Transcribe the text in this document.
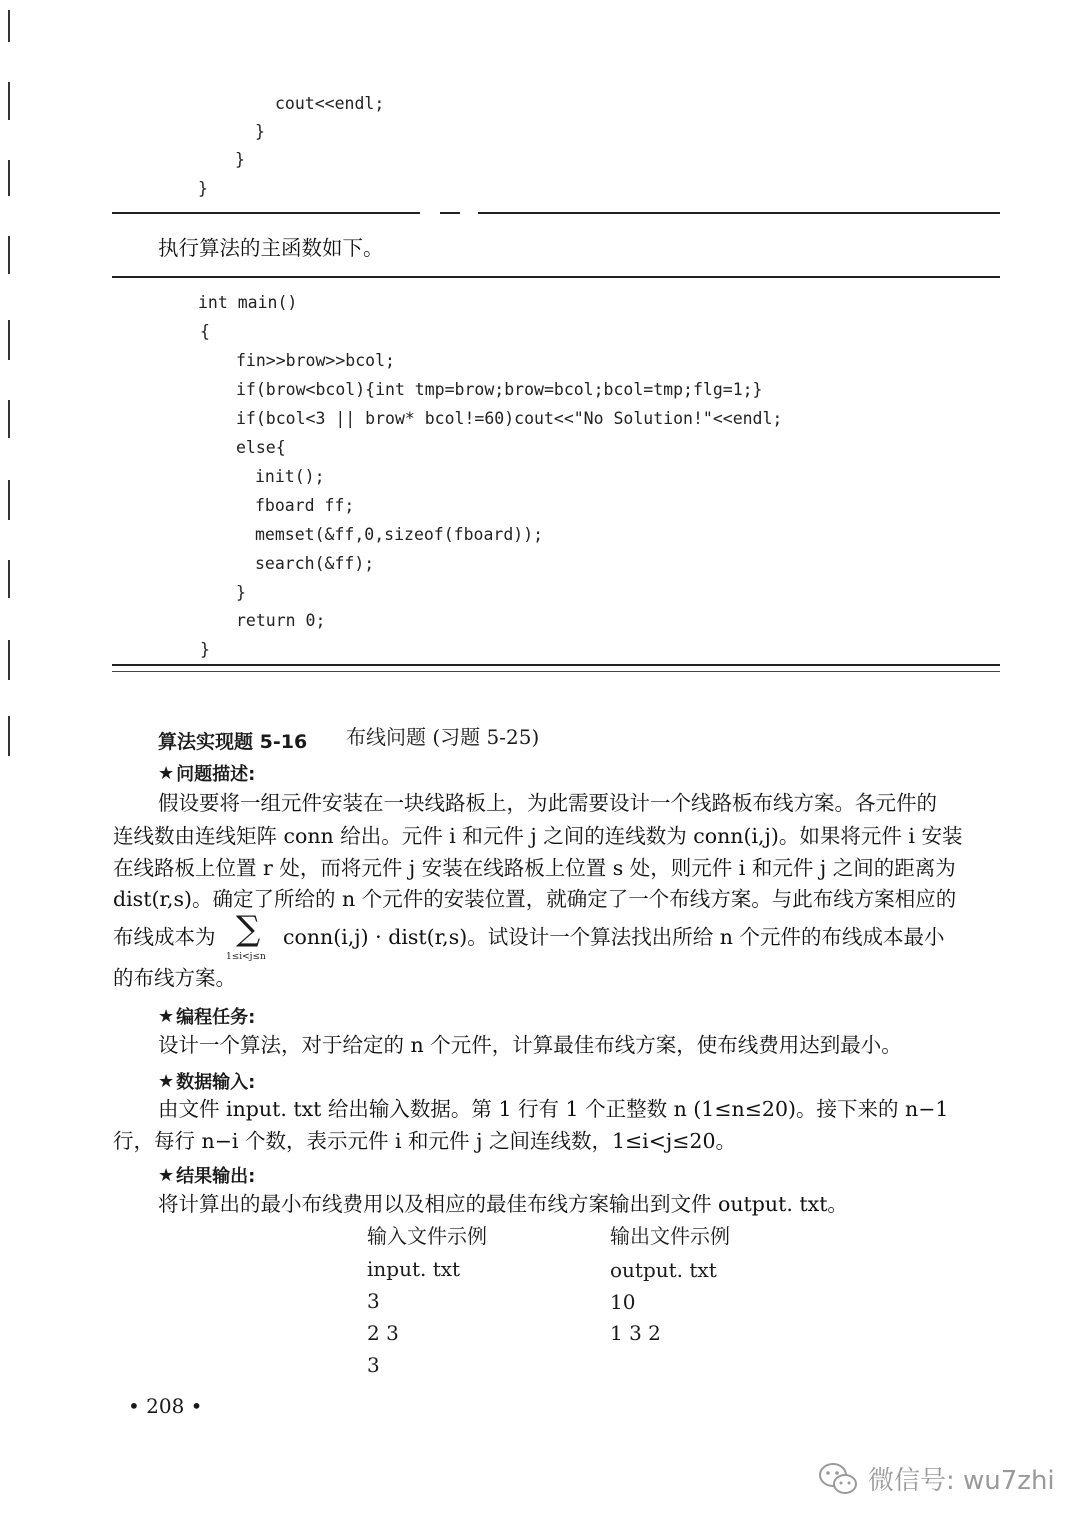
cout<<endl;
}
}
}
执行算法的主函数如下。
int main()
{
fin>>brow>>bcol;
if(brow<bcol){int tmp=brow;brow=bcol;bcol=tmp;flg=1;}
if(bcol<3 || brow* bcol!=60)cout<<"No Solution!"<<endl;
else{
init();
fboard ff;
memset(&ff,0,sizeof(fboard));
search(&ff);
}
return 0;
}
算法实现题 5-16 布线问题 (习题 5-25)
★ 问题描述:
假设要将一组元件安装在一块线路板上，为此需要设计一个线路板布线方案。各元件的
连线数由连线矩阵 conn 给出。元件 i 和元件 j 之间的连线数为 conn(i,j)。如果将元件 i 安装
在线路板上位置 r 处，而将元件 j 安装在线路板上位置 s 处，则元件 i 和元件 j 之间的距离为
dist(r,s)。确定了所给的 n 个元件的安装位置，就确定了一个布线方案。与此布线方案相应的
布线成本为 ∑
1≤i<j≤n
conn(i,j) · dist(r,s)。试设计一个算法找出所给 n 个元件的布线成本最小
的布线方案。
★ 编程任务:
设计一个算法，对于给定的 n 个元件，计算最佳布线方案，使布线费用达到最小。
★ 数据输入:
由文件 input. txt 给出输入数据。第 1 行有 1 个正整数 n (1≤n≤20)。接下来的 n−1
行，每行 n−i 个数，表示元件 i 和元件 j 之间连线数，1≤i<j≤20。
★ 结果输出:
将计算出的最小布线费用以及相应的最佳布线方案输出到文件 output. txt。
输入文件示例	输出文件示例
input. txt
3
2 3
3
output. txt
10
1 3 2
• 208 •
微信号: wu7zhi
